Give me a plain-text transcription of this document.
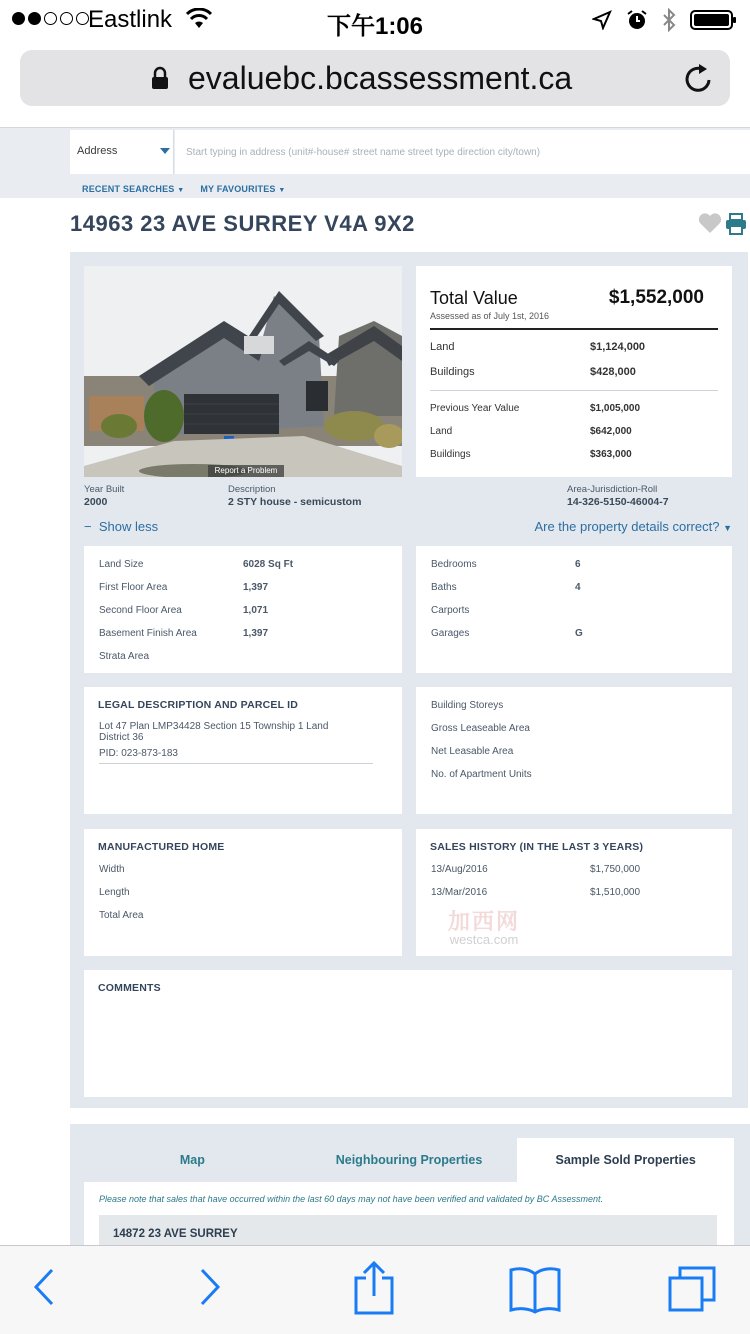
Eastlink	下午1:06
evaluebc.bcassessment.ca
Address
Start typing in address (unit#-house# street name street type direction city/town)
RECENT SEARCHES ▼ MY FAVOURITES ▼
14963 23 AVE SURREY V4A 9X2
Report a Problem
Total Value	$1,552,000
Assessed as of July 1st, 2016
Land	$1,124,000
Buildings	$428,000
Previous Year Value	$1,005,000
Land	$642,000
Buildings	$363,000
Year Built
2000
Description
2 STY house - semicustom
Area-Jurisdiction-Roll
14-326-5150-46004-7
−  Show less	Are the property details correct? ▼
Land Size	6028 Sq Ft
First Floor Area	1,397
Second Floor Area	1,071
Basement Finish Area	1,397
Strata Area
Bedrooms	6
Baths	4
Carports
Garages	G
LEGAL DESCRIPTION AND PARCEL ID
Lot 47 Plan LMP34428 Section 15 Township 1 Land District 36
PID: 023-873-183
Building Storeys
Gross Leaseable Area
Net Leasable Area
No. of Apartment Units
MANUFACTURED HOME
Width
Length
Total Area
SALES HISTORY (IN THE LAST 3 YEARS)
13/Aug/2016	$1,750,000
13/Mar/2016	$1,510,000
加西网
westca.com
COMMENTS
Map	Neighbouring Properties	Sample Sold Properties
Please note that sales that have occurred within the last 60 days may not have been verified and validated by BC Assessment.
14872 23 AVE SURREY
